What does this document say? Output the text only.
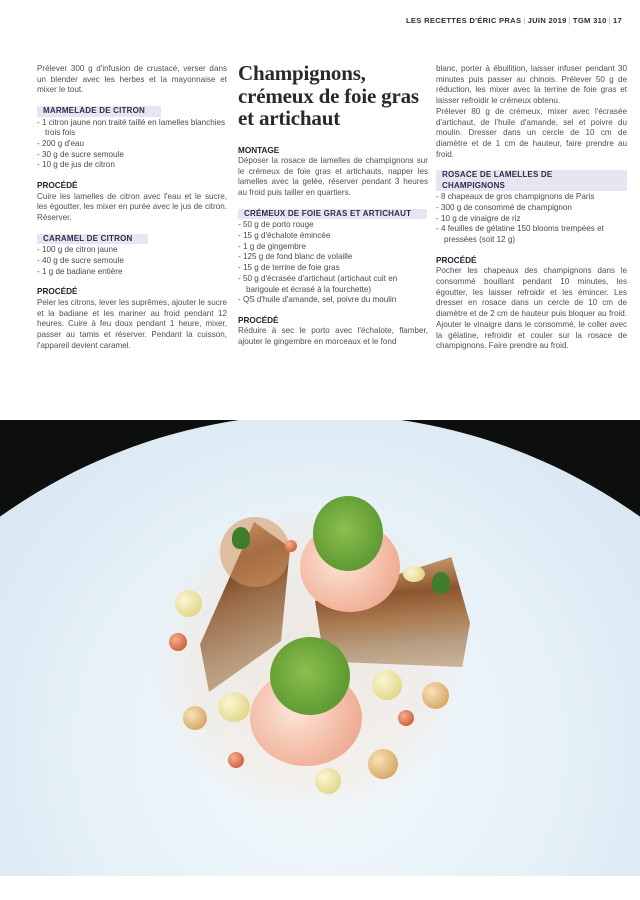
LES RECETTES D'ÉRIC PRAS | JUIN 2019 | TGM 310 | 17

Prélever 300 g d'infusion de crustacé, verser dans un blender avec les herbes et la mayonnaise et mixer le tout.

MARMELADE DE CITRON
- 1 citron jaune non traité taillé en lamelles blanchies trois fois
- 200 g d'eau
- 30 g de sucre semoule
- 10 g de jus de citron
PROCÉDÉ

Cuire les lamelles de citron avec l'eau et le sucre, les égoutter, les mixer en purée avec le jus de citron. Réserver.

CARAMEL DE CITRON
- 100 g de citron jaune
- 40 g de sucre semoule
- 1 g de badiane entière
PROCÉDÉ

Peler les citrons, lever les suprêmes, ajouter le sucre et la badiane et les mariner au froid pendant 12 heures. Cuire à feu doux pendant 1 heure, mixer, passer au tamis et réserver. Pendant la cuisson, l'appareil devient caramel.

Champignons, crémeux de foie gras et artichaut
MONTAGE

Déposer la rosace de lamelles de champignons sur le crémeux de foie gras et artichauts, napper les lamelles avec la gelée, réserver pendant 3 heures au froid puis tailler en quartiers.

CRÉMEUX DE FOIE GRAS ET ARTICHAUT
- 50 g de porto rouge
- 15 g d'échalote émincée
- 1 g de gingembre
- 125 g de fond blanc de volaille
- 15 g de terrine de foie gras
- 50 g d'écrasée d'artichaut (artichaut cuit en barigoule et écrasé à la fourchette)
- QS d'huile d'amande, sel, poivre du moulin
PROCÉDÉ

Réduire à sec le porto avec l'échalote, flamber, ajouter le gingembre en morceaux et le fond

blanc, porter à ébullition, laisser infuser pendant 30 minutes puis passer au chinois. Prélever 50 g de réduction, les mixer avec la terrine de foie gras et laisser refroidir le crémeux obtenu.

Prélever 80 g de crémeux, mixer avec l'écrasée d'artichaut, de l'huile d'amande, sel et poivre du moulin. Dresser dans un cercle de 10 cm de diamètre et de 1 cm de hauteur, faire prendre au froid.

ROSACE DE LAMELLES DE CHAMPIGNONS
- 8 chapeaux de gros champignons de Paris
- 300 g de consommé de champignon
- 10 g de vinaigre de riz
- 4 feuilles de gélatine 150 blooms trempées et pressées (soit 12 g)
PROCÉDÉ

Pocher les chapeaux des champignons dans le consommé bouillant pendant 10 minutes, les égoutter, les laisser refroidir et les émincer. Les dresser en rosace dans un cercle de 10 cm de diamètre et de 2 cm de hauteur puis bloquer au froid. Ajouter le vinaigre dans le consommé, le coller avec la gélatine, refroidir et couler sur la rosace de champignons. Faire prendre au froid.
